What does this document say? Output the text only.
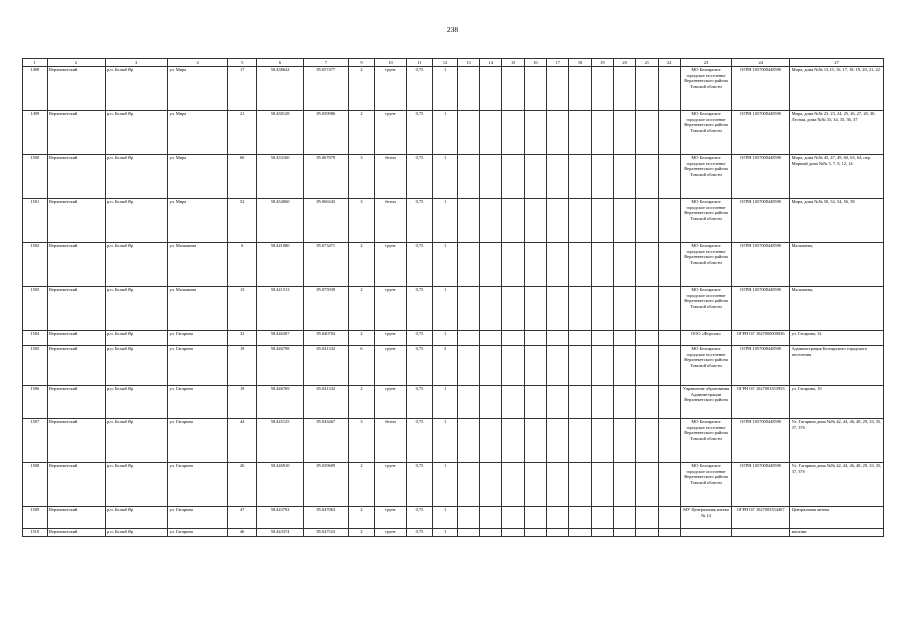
238
1	2	3	4	5	6	7	9	10	11	12	13	14	15	16	17	18	19	20	21	22	23	24	27
1498	Верхнекетский	р.п. Белый Яр	ул. Мира	17	58.438642	85.057477	2	грунт	0,75	1											МО Белоярское городское поселение Верхнекетского района Томской области	ОГРН 1057008448590	Мира, дома №№ 13,15, 16, 17, 18, 19, 20, 21, 22
1499	Верхнекетский	р.п. Белый Яр	ул. Мира	21	58.438128	85.059986	2	грунт	0,75	1											МО Белоярское городское поселение Верхнекетского района Томской области	ОГРН 1057008448590	Мира, дома №№ 23, 23, 24, 25, 26, 27, 28, 30, Лесная, дома №№ 33, 34, 35, 36, 37
1500	Верхнекетский	р.п. Белый Яр	ул. Мира	60	58.433160	85.067879	3	бетон	0,75	1											МО Белоярское городское поселение Верхнекетского района Томской области	ОГРН 1057008448590	Мира, дома №№ 45, 47, 49, 60, 63, 64, пер. Мирный дома №№ 5, 7, 9, 12, 14
1501	Верхнекетский	р.п. Белый Яр	ул. Мира	52	58.434060	85.066343	3	бетон	0,75	1											МО Белоярское городское поселение Верхнекетского района Томской области	ОГРН 1057008448590	Мира, дома №№ 50, 52, 54, 56, 58
1502	Верхнекетский	р.п. Белый Яр	ул. Малышева	6	58.441080	85.073471	2	грунт	0,75	1											МО Белоярское городское поселение Верхнекетского района Томской области	ОГРН 1057008448590	Малышева,
1503	Верхнекетский	р.п. Белый Яр	ул. Малышева	13	58.441513	85.075939	2	грунт	0,75	1											МО Белоярское городское поселение Верхнекетского района Томской области	ОГРН 1057008448590	Малышева,
1504	Верхнекетский	р.п. Белый Яр	ул. Гагарина	32	58.446307	85.040704	2	грунт	0,75	1											ООО «Форсаж»	ОГРН ОГ 1047000000836	ул. Гагарина, 32
1505	Верхнекетский	р.п. Белый Яр	ул. Гагарина	19	58.446798	85.041332	6	грунт	0,75	3											МО Белоярское городское поселение Верхнекетского района Томской области	ОГРН 1057008448590	Администрация Белоярского городского поселения
1506	Верхнекетский	р.п. Белый Яр	ул. Гагарина	19	58.446769	85.041332	2	грунт	0,75	1											Управление образования Администрации Верхнекетского района	ОГРН ОГ 1027003553953	ул. Гагарина, 19
1507	Верхнекетский	р.п. Белый Яр	ул. Гагарина	44	58.445125	85.043467	3	бетон	0,75	1											МО Белоярское городское поселение Верхнекетского района Томской области	ОГРН 1057008448590	Ул. Гагарина дома №№ 42, 44, 46, 48, 29, 33, 35, 37, 37б
1508	Верхнекетский	р.п. Белый Яр	ул. Гагарина	26	58.446910	85.039609	2	грунт	0,75	1											МО Белоярское городское поселение Верхнекетского района Томской области	ОГРН 1057008448590	Ул. Гагарина дома №№ 42, 44, 46, 48, 29, 33, 35, 37, 37б
1509	Верхнекетский	р.п. Белый Яр	ул. Гагарина	47	58.443792	85.047063	2	грунт	0,75	1											МУ Центральная аптека № 14	ОГРН ОГ 1027003554467	Центральная аптека
1510	Верхнекетский	р.п. Белый Яр	ул. Гагарина	46	58.443374	85.047523	2	грунт	0,75	1													магазин
